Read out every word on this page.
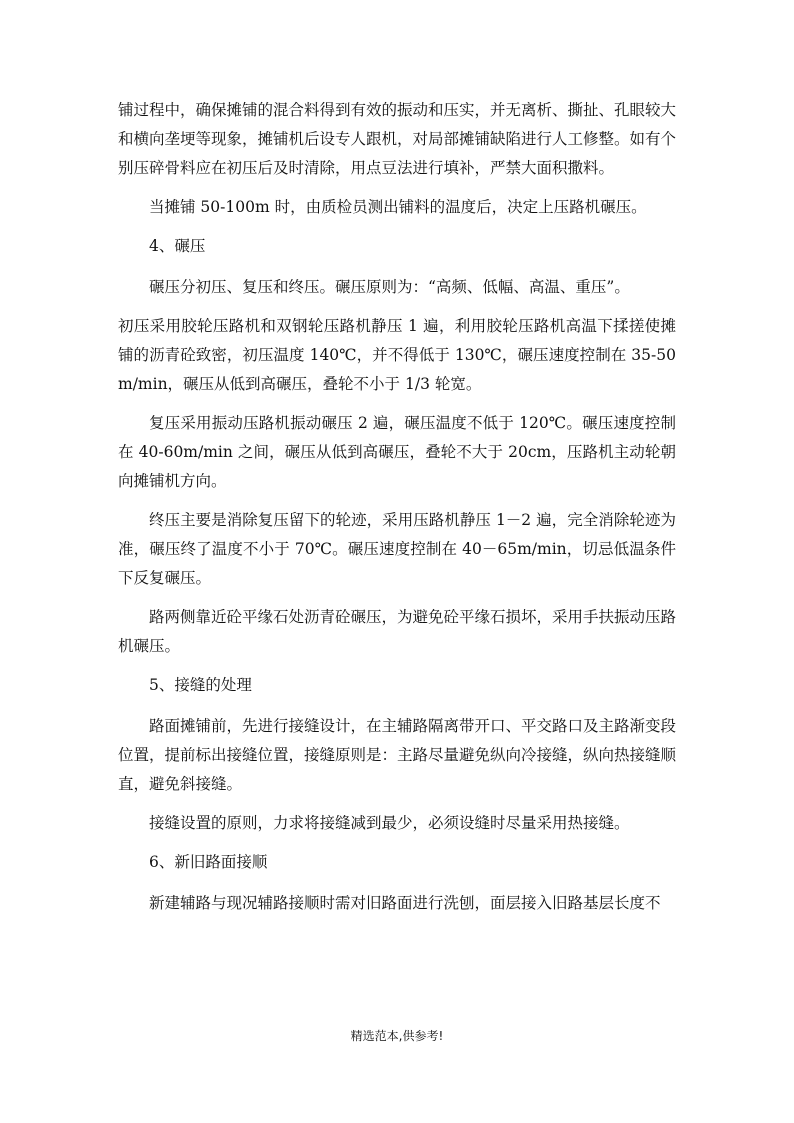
铺过程中，确保摊铺的混合料得到有效的振动和压实，并无离析、撕扯、孔眼较大和横向垄埂等现象，摊铺机后设专人跟机，对局部摊铺缺陷进行人工修整。如有个别压碎骨料应在初压后及时清除，用点豆法进行填补，严禁大面积撒料。

当摊铺 50-100m 时，由质检员测出铺料的温度后，决定上压路机碾压。

4、碾压

碾压分初压、复压和终压。碾压原则为：“高频、低幅、高温、重压”。

初压采用胶轮压路机和双钢轮压路机静压 1 遍，利用胶轮压路机高温下揉搓使摊铺的沥青砼致密，初压温度 140℃，并不得低于 130℃，碾压速度控制在 35-50m/min，碾压从低到高碾压，叠轮不小于 1/3 轮宽。

复压采用振动压路机振动碾压 2 遍，碾压温度不低于 120℃。碾压速度控制在 40-60m/min 之间，碾压从低到高碾压，叠轮不大于 20cm，压路机主动轮朝向摊铺机方向。

终压主要是消除复压留下的轮迹，采用压路机静压 1－2 遍，完全消除轮迹为准，碾压终了温度不小于 70℃。碾压速度控制在 40－65m/min，切忌低温条件下反复碾压。

路两侧靠近砼平缘石处沥青砼碾压，为避免砼平缘石损坏，采用手扶振动压路机碾压。

5、接缝的处理

路面摊铺前，先进行接缝设计，在主辅路隔离带开口、平交路口及主路渐变段位置，提前标出接缝位置，接缝原则是：主路尽量避免纵向冷接缝，纵向热接缝顺直，避免斜接缝。

接缝设置的原则，力求将接缝减到最少，必须设缝时尽量采用热接缝。

6、新旧路面接顺

新建辅路与现况辅路接顺时需对旧路面进行洗刨，面层接入旧路基层长度不

精选范本,供参考!
